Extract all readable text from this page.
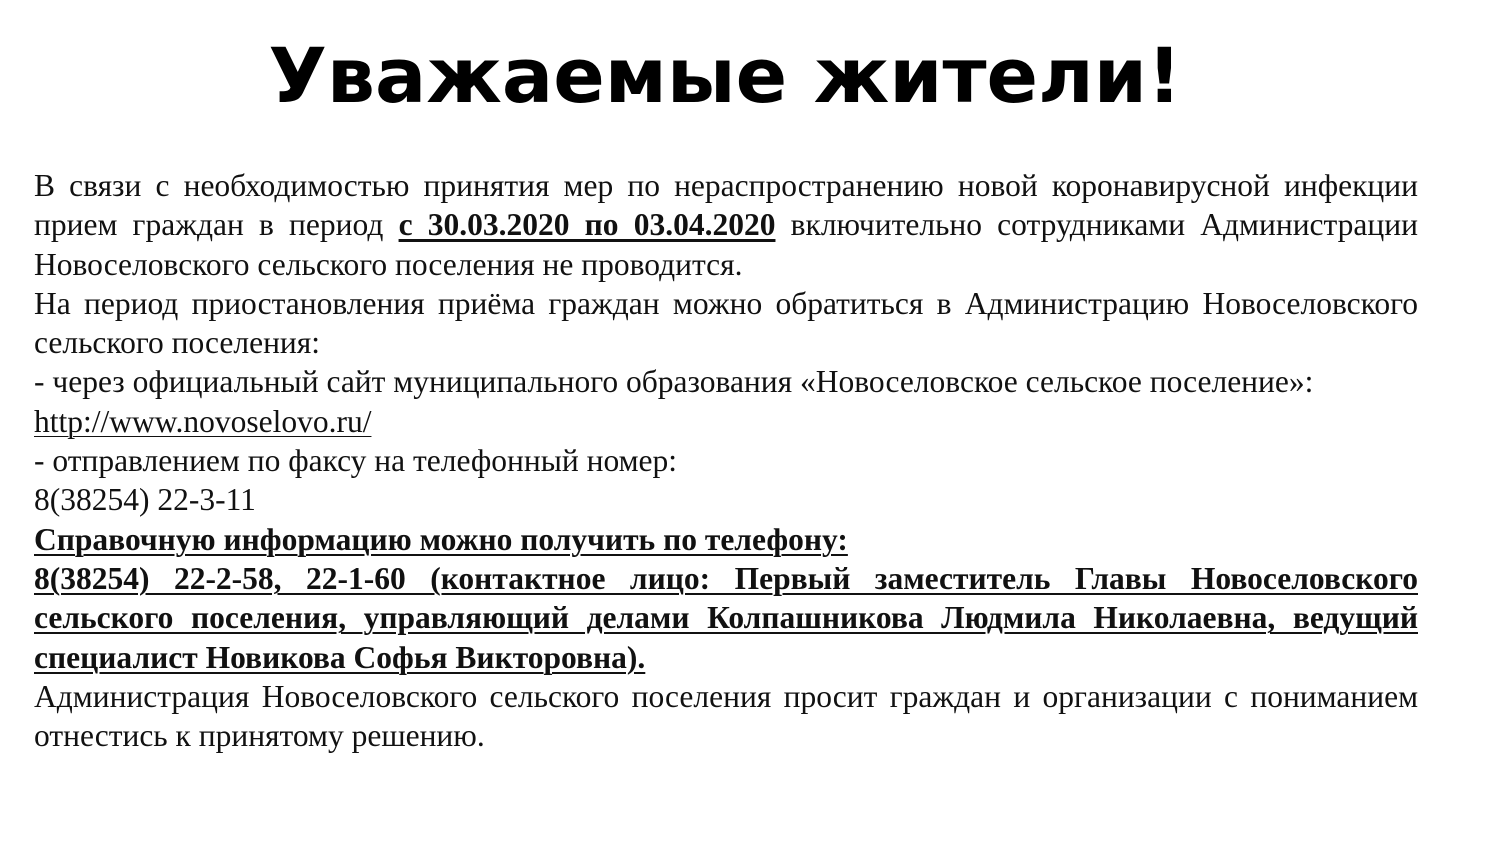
Уважаемые жители!

В связи с необходимостью принятия мер по нераспространению новой коронавирусной инфекции прием граждан в период с 30.03.2020 по 03.04.2020 включительно сотрудниками Администрации Новоселовского сельского поселения не проводится.

На период приостановления приёма граждан можно обратиться в Администрацию Новоселовского сельского поселения:

- через официальный сайт муниципального образования «Новоселовское сельское поселение»:

http://www.novoselovo.ru/

- отправлением по факсу на телефонный номер:

8(38254) 22-3-11

Справочную информацию можно получить по телефону:

8(38254) 22-2-58, 22-1-60 (контактное лицо: Первый заместитель Главы Новоселовского сельского поселения, управляющий делами Колпашникова Людмила Николаевна, ведущий специалист Новикова Софья Викторовна).

Администрация Новоселовского сельского поселения просит граждан и организации с пониманием отнестись к принятому решению.
